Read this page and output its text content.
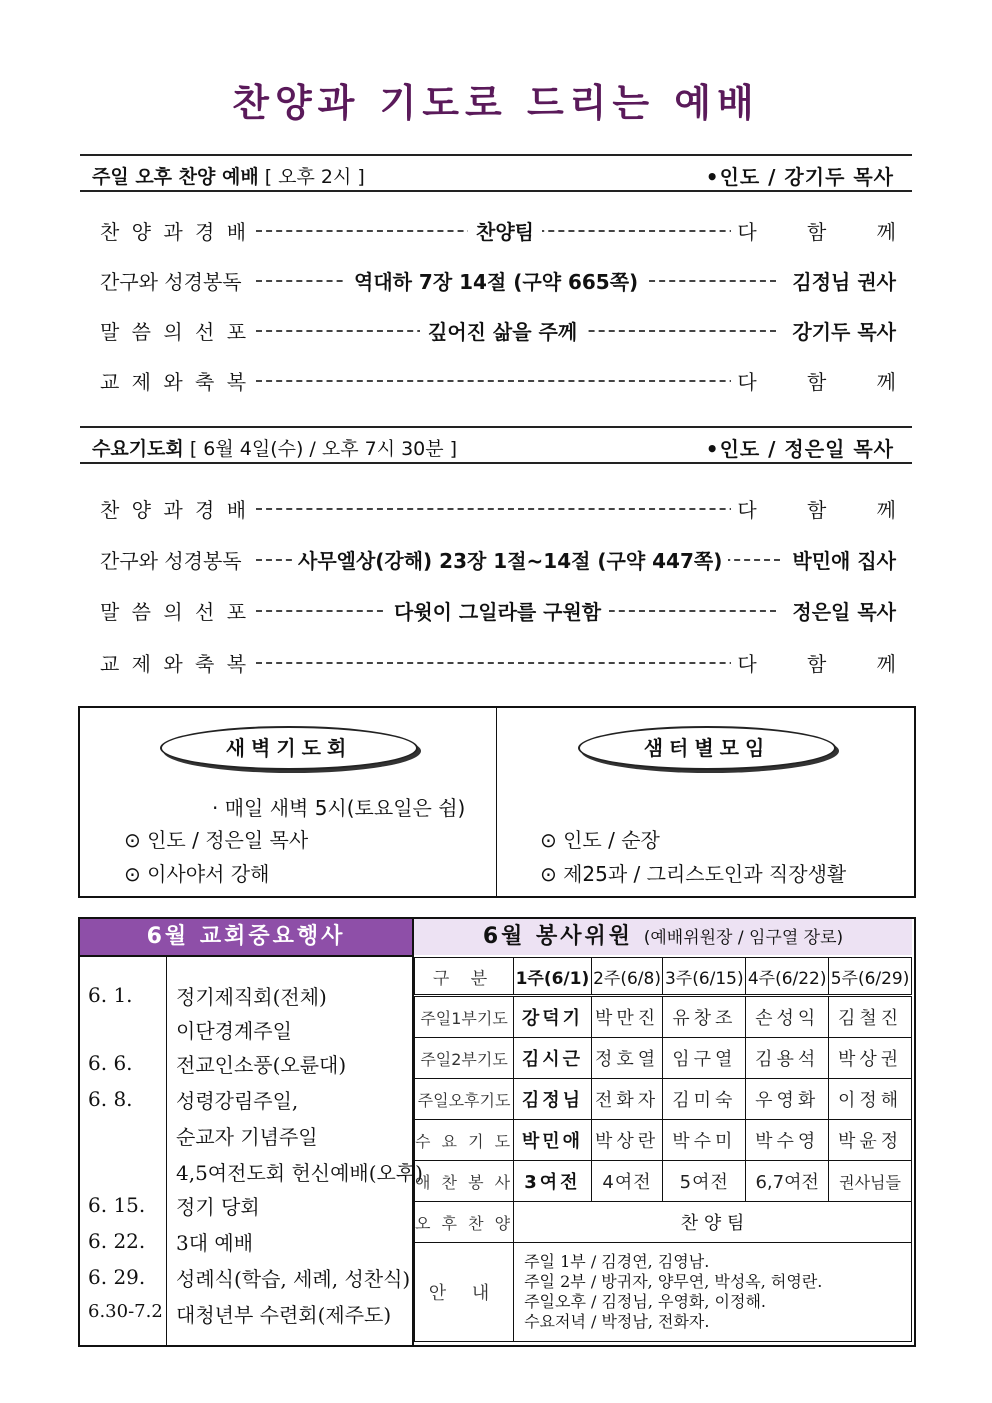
찬양과 기도로 드리는 예배
주일 오후 찬양 예배 [ 오후 2시 ]	•인도 / 강기두 목사
찬 양 과 경 배	찬양팀	다 함 께
간구와 성경봉독	역대하 7장 14절 (구약 665쪽)	김정님 권사
말 씀 의 선 포	깊어진 삶을 주께	강기두 목사
교 제 와 축 복	다 함 께
수요기도회 [ 6월 4일(수) / 오후 7시 30분 ]	•인도 / 정은일 목사
찬 양 과 경 배	다 함 께
간구와 성경봉독	사무엘상(강해) 23장 1절~14절 (구약 447쪽)	박민애 집사
말 씀 의 선 포	다윗이 그일라를 구원함	정은일 목사
교 제 와 축 복	다 함 께
새벽기도회
· 매일 새벽 5시(토요일은 쉼)
⊙ 인도 / 정은일 목사
⊙ 이사야서 강해
샘터별모임
⊙ 인도 / 순장
⊙ 제25과 / 그리스도인과 직장생활
6월 교회중요행사
6. 1. 정기제직회(전체)
이단경계주일
6. 6. 전교인소풍(오륜대)
6. 8. 성령강림주일,
순교자 기념주일
4,5여전도회 헌신예배(오후)
6. 15. 정기 당회
6. 22. 3대 예배
6. 29. 성례식(학습, 세례, 성찬식)
6.30-7.2 대청년부 수련회(제주도)
6월 봉사위원 (예배위원장 / 임구열 장로)
구 분	1주(6/1)	2주(6/8)	3주(6/15)	4주(6/22)	5주(6/29)
주일1부기도	강덕기	박만진	유창조	손성익	김철진
주일2부기도	김시근	정호열	임구열	김용석	박상권
주일오후기도	김정님	전화자	김미숙	우영화	이정해
수 요 기 도	박민애	박상란	박수미	박수영	박윤정
애 찬 봉 사	3여전	4여전	5여전	6,7여전	권사님들
오 후 찬 양	찬 양 팀				
안 내	주일 1부 / 김경연, 김영남.
주일 2부 / 방귀자, 양무연, 박성옥, 허영란.
주일오후 / 김정님, 우영화, 이정해.
수요저녁 / 박정남, 전화자.				
